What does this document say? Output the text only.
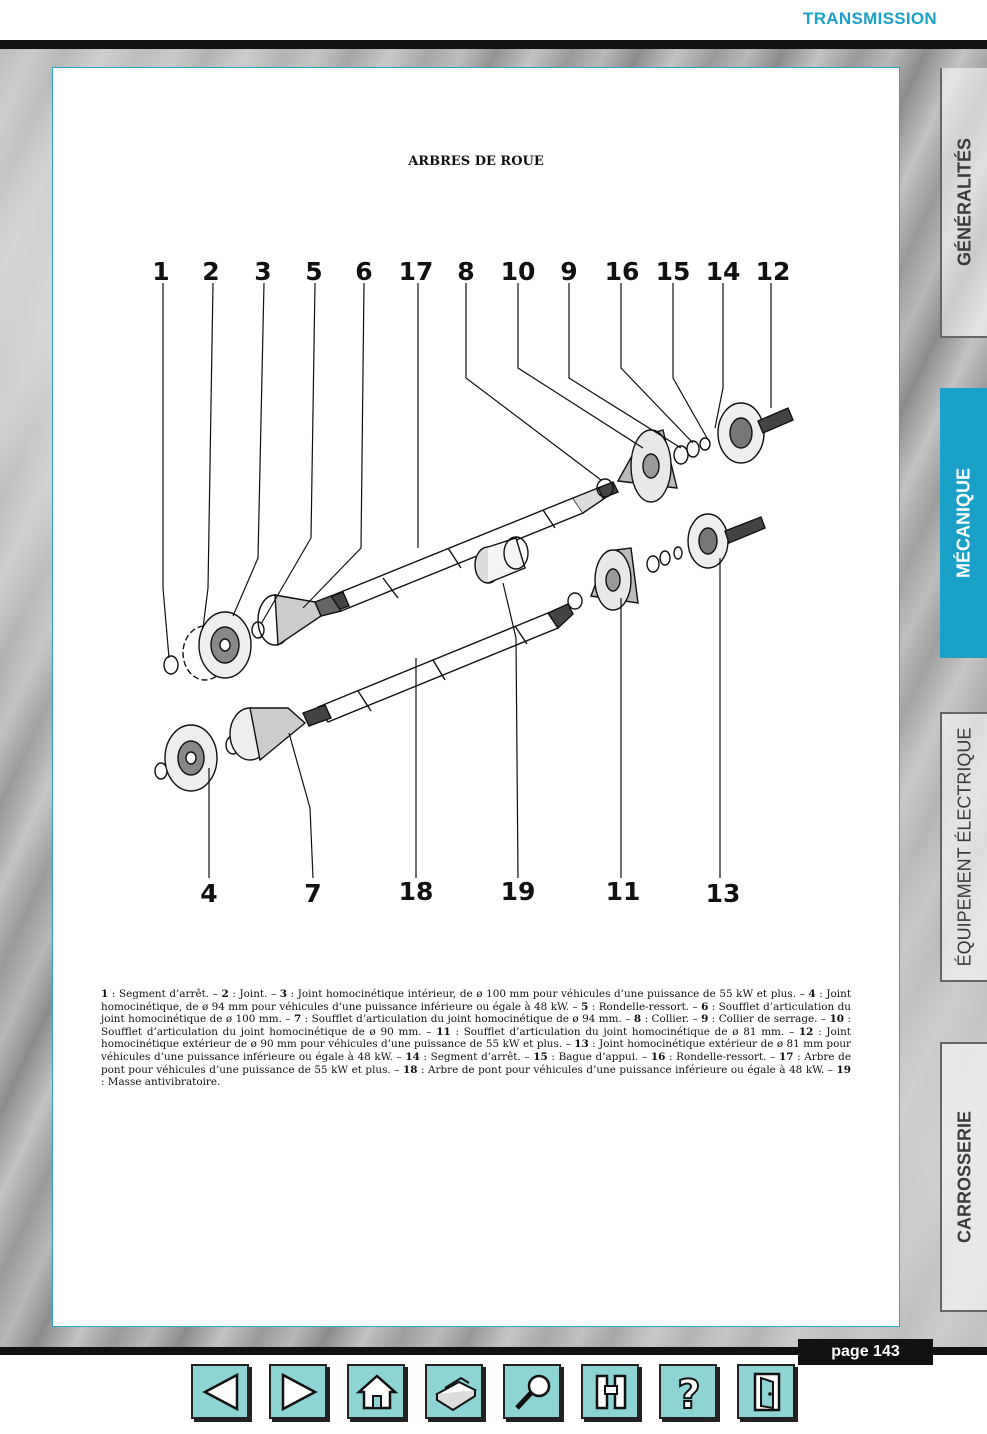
TRANSMISSION
ARBRES DE ROUE
1 2 3 5 6 17 8 10 9 16 15 14 12
4	7	18	19	11	13
1 : Segment d’arrêt. – 2 : Joint. – 3 : Joint homocinétique intérieur, de ø 100 mm pour véhicules d’une puissance de 55 kW et plus. – 4 : Joint homocinétique, de ø 94 mm pour véhicules d’une puissance inférieure ou égale à 48 kW. – 5 : Rondelle-ressort. – 6 : Soufflet d’articulation du joint homocinétique de ø 100 mm. – 7 : Soufflet d’articulation du joint homocinétique de ø 94 mm. – 8 : Collier. – 9 : Collier de serrage. – 10 : Soufflet d’articulation du joint homocinétique de ø 90 mm. – 11 : Soufflet d’articulation du joint homocinétique de ø 81 mm. – 12 : Joint homocinétique extérieur de ø 90 mm pour véhicules d’une puissance de 55 kW et plus. – 13 : Joint homocinétique extérieur de ø 81 mm pour véhicules d’une puissance inférieure ou égale à 48 kW. – 14 : Segment d’arrêt. – 15 : Bague d’appui. – 16 : Rondelle-ressort. – 17 : Arbre de pont pour véhicules d’une puissance de 55 kW et plus. – 18 : Arbre de pont pour véhicules d’une puissance inférieure ou égale à 48 kW. – 19 : Masse antivibratoire.
GÉNÉRALITÉS
MÉCANIQUE
ÉQUIPEMENT ÉLECTRIQUE
CARROSSERIE
page 143
?
